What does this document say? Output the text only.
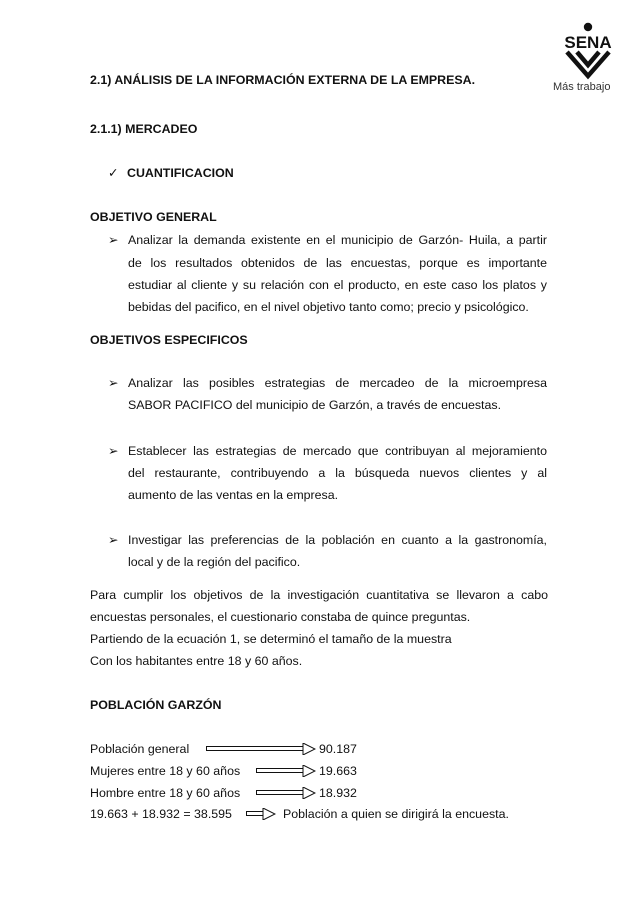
SENA
Más trabajo

2.1) ANÁLISIS DE LA INFORMACIÓN EXTERNA DE LA EMPRESA.

2.1.1) MERCADEO

✓ CUANTIFICACION

OBJETIVO GENERAL

➢ Analizar la demanda existente en el municipio de Garzón- Huila, a partir
de los resultados obtenidos de las encuestas, porque es importante
estudiar al cliente y su relación con el producto, en este caso los platos y
bebidas del pacifico, en el nivel objetivo tanto como; precio y psicológico.

OBJETIVOS ESPECIFICOS

➢ Analizar las posibles estrategias de mercadeo de la microempresa
SABOR PACIFICO del municipio de Garzón, a través de encuestas.
➢ Establecer las estrategias de mercado que contribuyan al mejoramiento
del restaurante, contribuyendo a la búsqueda nuevos clientes y al
aumento de las ventas en la empresa.
➢ Investigar las preferencias de la población en cuanto a la gastronomía,
local y de la región del pacifico.
Para cumplir los objetivos de la investigación cuantitativa se llevaron a cabo
encuestas personales, el cuestionario constaba de quince preguntas.
Partiendo de la ecuación 1, se determinó el tamaño de la muestra
Con los habitantes entre 18 y 60 años.

POBLACIÓN GARZÓN

Población general	90.187
Mujeres entre 18 y 60 años	19.663
Hombre entre 18 y 60 años	18.932
19.663 + 18.932 = 38.595	Población a quien se dirigirá la encuesta.
